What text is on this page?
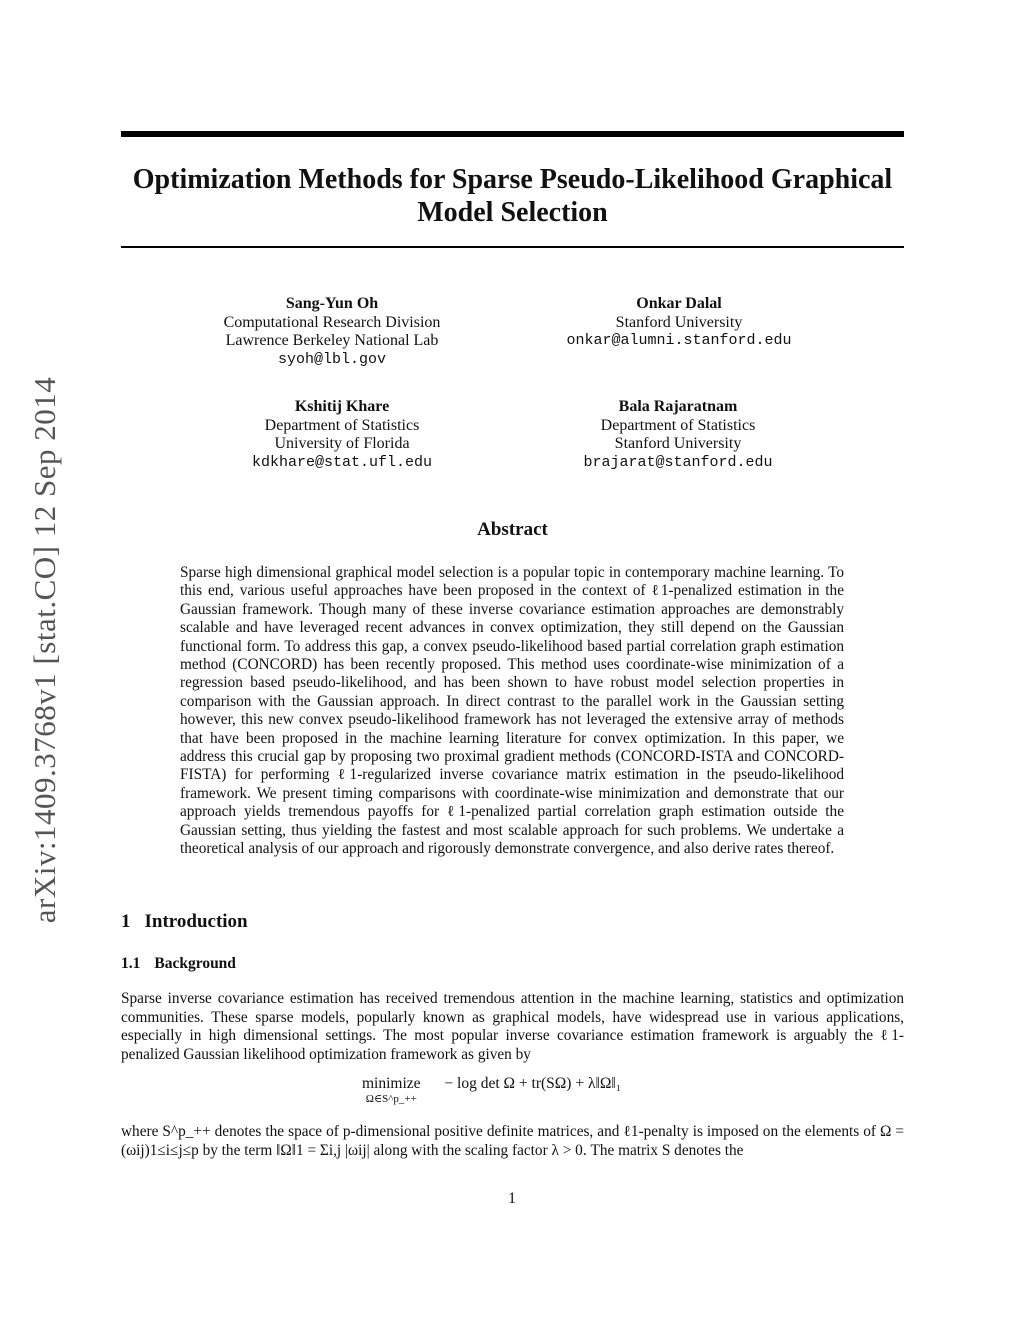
Optimization Methods for Sparse Pseudo-Likelihood Graphical
Model Selection
arXiv:1409.3768v1 [stat.CO] 12 Sep 2014
Sang-Yun Oh
Computational Research Division
Lawrence Berkeley National Lab
syoh@lbl.gov
Onkar Dalal
Stanford University
onkar@alumni.stanford.edu
Kshitij Khare
Department of Statistics
University of Florida
kdkhare@stat.ufl.edu
Bala Rajaratnam
Department of Statistics
Stanford University
brajarat@stanford.edu
Abstract

Sparse high dimensional graphical model selection is a popular topic in contemporary machine learning. To this end, various useful approaches have been proposed in the context of ℓ1-penalized estimation in the Gaussian framework. Though many of these inverse covariance estimation approaches are demonstrably scalable and have leveraged recent advances in convex optimization, they still depend on the Gaussian functional form. To address this gap, a convex pseudo-likelihood based partial correlation graph estimation method (CONCORD) has been recently proposed. This method uses coordinate-wise minimization of a regression based pseudo-likelihood, and has been shown to have robust model selection properties in comparison with the Gaussian approach. In direct contrast to the parallel work in the Gaussian setting however, this new convex pseudo-likelihood framework has not leveraged the extensive array of methods that have been proposed in the machine learning literature for convex optimization. In this paper, we address this crucial gap by proposing two proximal gradient methods (CONCORD-ISTA and CONCORD-FISTA) for performing ℓ1-regularized inverse covariance matrix estimation in the pseudo-likelihood framework. We present timing comparisons with coordinate-wise minimization and demonstrate that our approach yields tremendous payoffs for ℓ1-penalized partial correlation graph estimation outside the Gaussian setting, thus yielding the fastest and most scalable approach for such problems. We undertake a theoretical analysis of our approach and rigorously demonstrate convergence, and also derive rates thereof.

1 Introduction
1.1 Background

Sparse inverse covariance estimation has received tremendous attention in the machine learning, statistics and optimization communities. These sparse models, popularly known as graphical models, have widespread use in various applications, especially in high dimensional settings. The most popular inverse covariance estimation framework is arguably the ℓ1-penalized Gaussian likelihood optimization framework as given by

minimize
Ω∈S^p_++
− log det Ω + tr(SΩ) + λ‖Ω‖₁

where S^p_++ denotes the space of p-dimensional positive definite matrices, and ℓ1-penalty is imposed on the elements of Ω = (ωij)1≤i≤j≤p by the term ‖Ω‖1 = Σi,j |ωij| along with the scaling factor λ > 0. The matrix S denotes the

1
